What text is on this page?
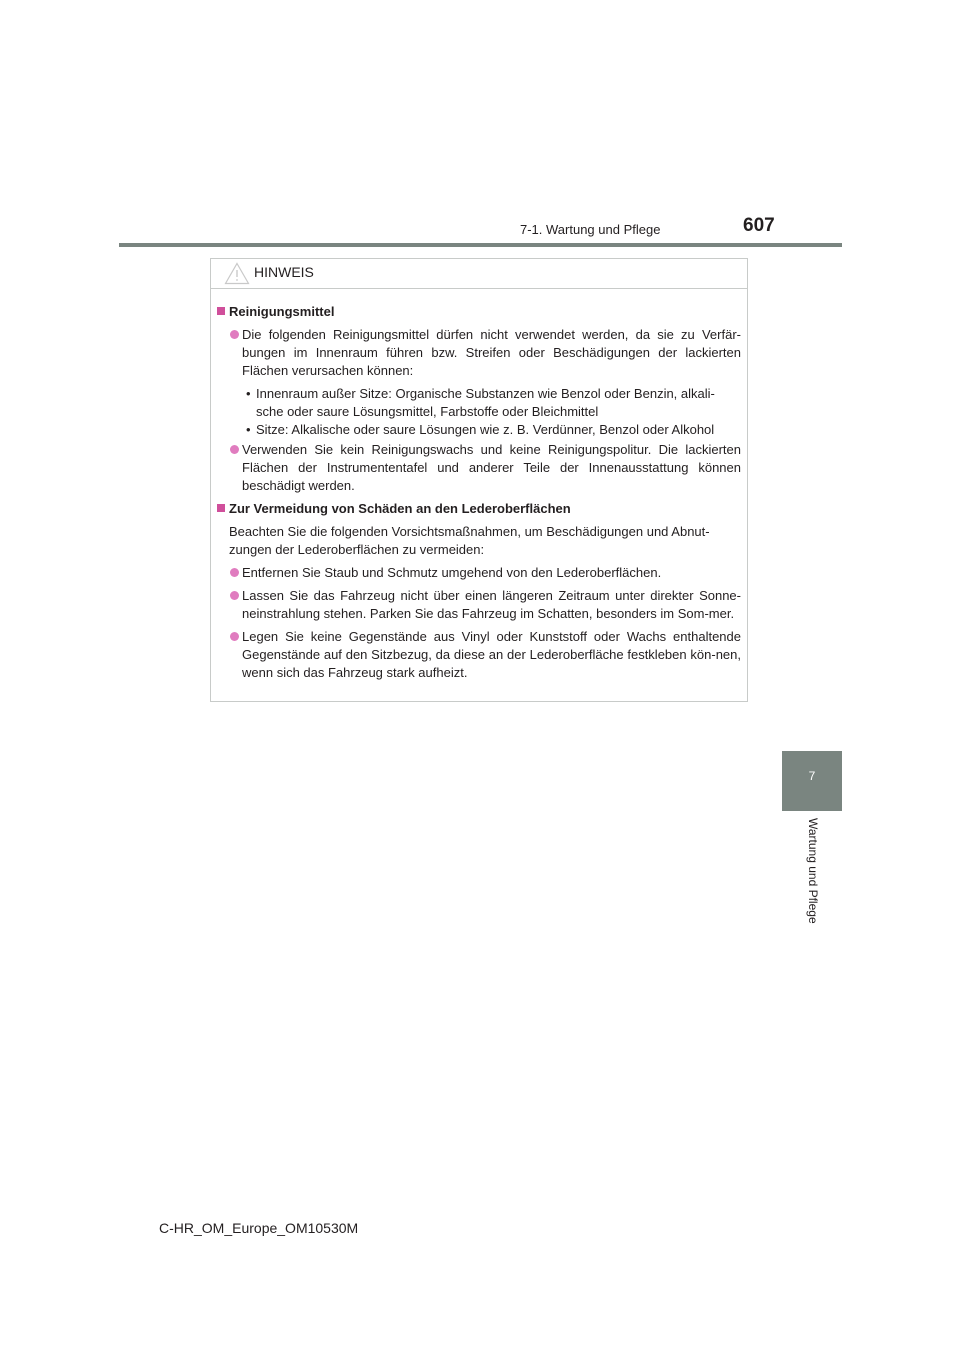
7-1. Wartung und Pflege	607
7
Wartung und Pflege
HINWEIS
Reinigungsmittel
Die folgenden Reinigungsmittel dürfen nicht verwendet werden, da sie zu Verfär-bungen im Innenraum führen bzw. Streifen oder Beschädigungen der lackierten Flächen verursachen können:
• Innenraum außer Sitze: Organische Substanzen wie Benzol oder Benzin, alkali-sche oder saure Lösungsmittel, Farbstoffe oder Bleichmittel
• Sitze: Alkalische oder saure Lösungen wie z. B. Verdünner, Benzol oder Alkohol
Verwenden Sie kein Reinigungswachs und keine Reinigungspolitur. Die lackierten Flächen der Instrumententafel und anderer Teile der Innenausstattung können beschädigt werden.
Zur Vermeidung von Schäden an den Lederoberflächen
Beachten Sie die folgenden Vorsichtsmaßnahmen, um Beschädigungen und Abnut-zungen der Lederoberflächen zu vermeiden:
Entfernen Sie Staub und Schmutz umgehend von den Lederoberflächen.
Lassen Sie das Fahrzeug nicht über einen längeren Zeitraum unter direkter Sonne-neinstrahlung stehen. Parken Sie das Fahrzeug im Schatten, besonders im Som-mer.
Legen Sie keine Gegenstände aus Vinyl oder Kunststoff oder Wachs enthaltende Gegenstände auf den Sitzbezug, da diese an der Lederoberfläche festkleben kön-nen, wenn sich das Fahrzeug stark aufheizt.
C-HR_OM_Europe_OM10530M
